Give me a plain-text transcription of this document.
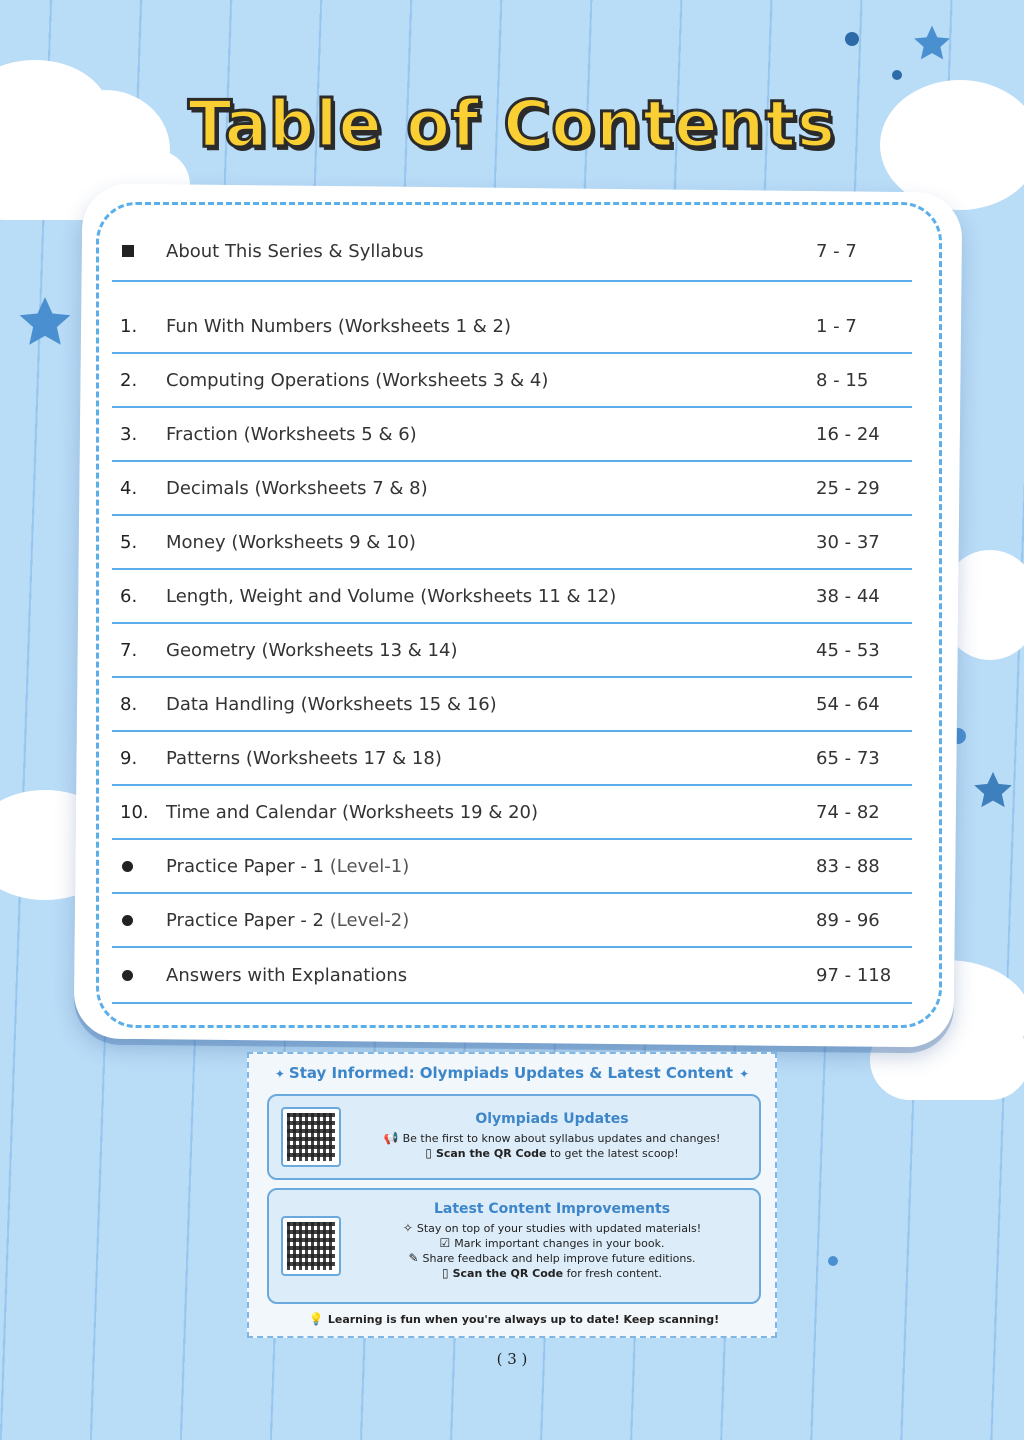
Table of Contents
About This Series & Syllabus	7 - 7
1.	Fun With Numbers (Worksheets 1 & 2)	1 - 7
2.	Computing Operations (Worksheets 3 & 4)	8 - 15
3.	Fraction (Worksheets 5 & 6)	16 - 24
4.	Decimals (Worksheets 7 & 8)	25 - 29
5.	Money (Worksheets 9 & 10)	30 - 37
6.	Length, Weight and Volume (Worksheets 11 & 12)	38 - 44
7.	Geometry (Worksheets 13 & 14)	45 - 53
8.	Data Handling (Worksheets 15 & 16)	54 - 64
9.	Patterns (Worksheets 17 & 18)	65 - 73
10. Time and Calendar (Worksheets 19 & 20)	74 - 82
Practice Paper - 1 (Level-1)	83 - 88
Practice Paper - 2 (Level-2)	89 - 96
Answers with Explanations	97 - 118
✦ Stay Informed: Olympiads Updates & Latest Content ✦
Olympiads Updates
📢 Be the first to know about syllabus updates and changes!
▯ Scan the QR Code to get the latest scoop!
Latest Content Improvements
✧ Stay on top of your studies with updated materials!
☑ Mark important changes in your book.
✎ Share feedback and help improve future editions.
▯ Scan the QR Code for fresh content.
💡 Learning is fun when you're always up to date! Keep scanning!
( 3 )
